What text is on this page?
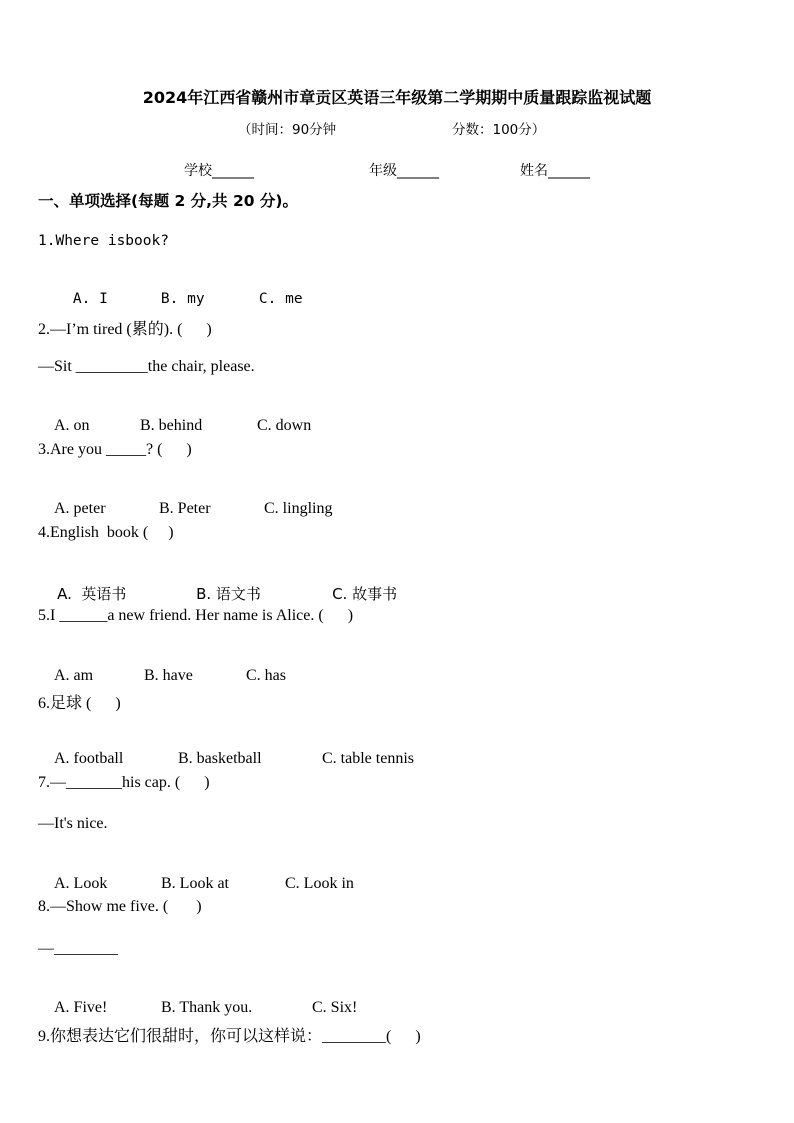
2024年江西省赣州市章贡区英语三年级第二学期期中质量跟踪监视试题
（时间：90分钟	分数：100分）
学校______	年级______	姓名______
一、单项选择(每题 2 分,共 20 分)。
1.Where isbook?

A. I	B. my	C. me

2.—I’m tired (累的). (      )
—Sit _________the chair, please.

A. on	B. behind	C. down

3.Are you _____? (      )

A. peter	B. Peter	C. lingling

4.English  book (     )

A.  英语书	B. 语文书	C. 故事书

5.I ______a new friend. Her name is Alice. (      )

A. am	B. have	C. has

6.足球 (      )

A. football	B. basketball	C. table tennis

7.—_______his cap. (      )
—It's nice.

A. Look	B. Look at	C. Look in

8.—Show me five. (       )
—________

A. Five!	B. Thank you.	C. Six!

9.你想表达它们很甜时，你可以这样说：________(      )
